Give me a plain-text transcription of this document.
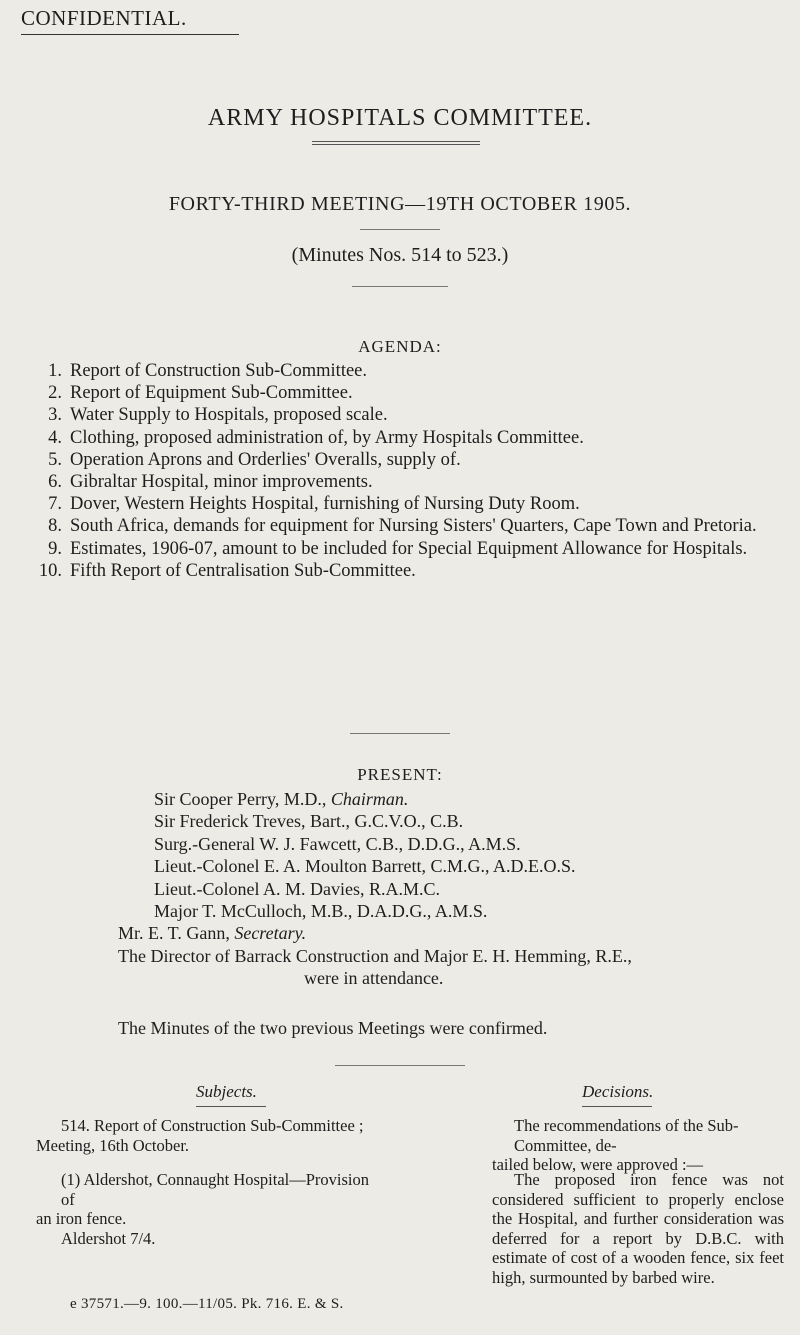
CONFIDENTIAL.
ARMY HOSPITALS COMMITTEE.
FORTY-THIRD MEETING—19TH OCTOBER 1905.
(Minutes Nos. 514 to 523.)
AGENDA:
1. Report of Construction Sub-Committee.
2. Report of Equipment Sub-Committee.
3. Water Supply to Hospitals, proposed scale.
4. Clothing, proposed administration of, by Army Hospitals Committee.
5. Operation Aprons and Orderlies' Overalls, supply of.
6. Gibraltar Hospital, minor improvements.
7. Dover, Western Heights Hospital, furnishing of Nursing Duty Room.
8. South Africa, demands for equipment for Nursing Sisters' Quarters, Cape Town and Pretoria.
9. Estimates, 1906-07, amount to be included for Special Equipment Allowance for Hospitals.
10. Fifth Report of Centralisation Sub-Committee.
PRESENT:
Sir Cooper Perry, M.D., Chairman.
Sir Frederick Treves, Bart., G.C.V.O., C.B.
Surg.-General W. J. Fawcett, C.B., D.D.G., A.M.S.
Lieut.-Colonel E. A. Moulton Barrett, C.M.G., A.D.E.O.S.
Lieut.-Colonel A. M. Davies, R.A.M.C.
Major T. McCulloch, M.B., D.A.D.G., A.M.S.
Mr. E. T. Gann, Secretary.
The Director of Barrack Construction and Major E. H. Hemming, R.E.,
were in attendance.
The Minutes of the two previous Meetings were confirmed.
Subjects.	Decisions.
514. Report of Construction Sub-Committee ;
Meeting, 16th October.
The recommendations of the Sub-Committee, de-
tailed below, were approved :—
(1) Aldershot, Connaught Hospital—Provision of
an iron fence.
Aldershot 7/4.
The proposed iron fence was not considered sufficient to properly enclose the Hospital, and further consideration was deferred for a report by D.B.C. with estimate of cost of a wooden fence, six feet high, surmounted by barbed wire.
e 37571.—9. 100.—11/05. Pk. 716. E. & S.
